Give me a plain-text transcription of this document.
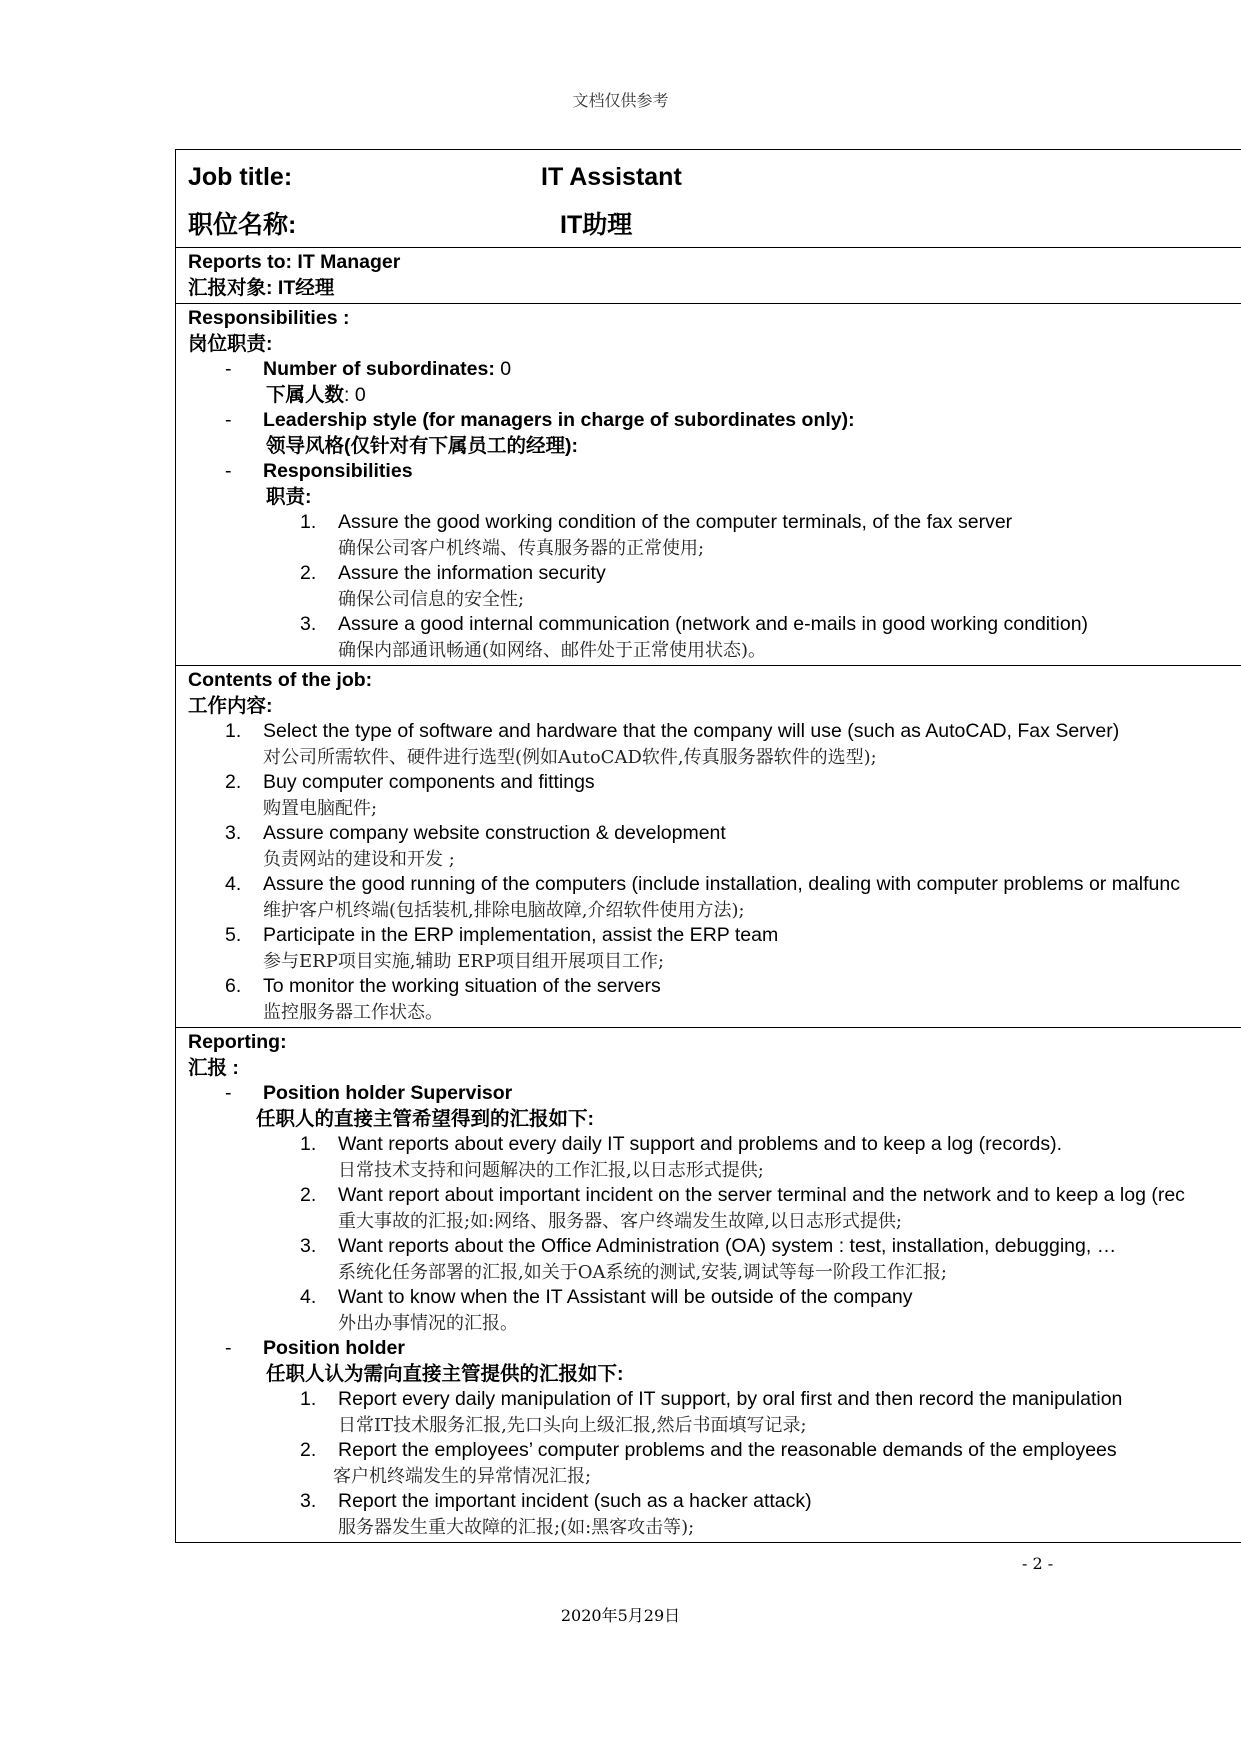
文档仅供参考
Job title:	IT Assistant
职位名称:	IT助理
Reports to: IT Manager
汇报对象: IT经理
Responsibilities :
岗位职责:
- Number of subordinates: 0
下属人数: 0
- Leadership style (for managers in charge of subordinates only):
领导风格(仅针对有下属员工的经理):
- Responsibilities
职责:
1. Assure the good working condition of the computer terminals, of the fax server
确保公司客户机终端、传真服务器的正常使用;
2. Assure the information security
确保公司信息的安全性;
3. Assure a good internal communication (network and e-mails in good working condition)
确保内部通讯畅通(如网络、邮件处于正常使用状态)。
Contents of the job:
工作内容:
1. Select the type of software and hardware that the company will use (such as AutoCAD, Fax Server)
对公司所需软件、硬件进行选型(例如AutoCAD软件,传真服务器软件的选型);
2. Buy computer components and fittings
购置电脑配件;
3. Assure company website construction & development
负责网站的建设和开发 ;
4. Assure the good running of the computers (include installation, dealing with computer problems or malfunc
维护客户机终端(包括装机,排除电脑故障,介绍软件使用方法);
5. Participate in the ERP implementation, assist the ERP team
参与ERP项目实施,辅助 ERP项目组开展项目工作;
6. To monitor the working situation of the servers
监控服务器工作状态。
Reporting:
汇报 :
- Position holder Supervisor
任职人的直接主管希望得到的汇报如下:
1. Want reports about every daily IT support and problems and to keep a log (records).
日常技术支持和问题解决的工作汇报,以日志形式提供;
2. Want report about important incident on the server terminal and the network and to keep a log (rec
重大事故的汇报;如:网络、服务器、客户终端发生故障,以日志形式提供;
3. Want reports about the Office Administration (OA) system : test, installation, debugging, …
系统化任务部署的汇报,如关于OA系统的测试,安装,调试等每一阶段工作汇报;
4. Want to know when the IT Assistant will be outside of the company
外出办事情况的汇报。
- Position holder
任职人认为需向直接主管提供的汇报如下:
1. Report every daily manipulation of IT support, by oral first and then record the manipulation
日常IT技术服务汇报,先口头向上级汇报,然后书面填写记录;
2. Report the employees’ computer problems and the reasonable demands of the employees
客户机终端发生的异常情况汇报;
3. Report the important incident (such as a hacker attack)
服务器发生重大故障的汇报;(如:黑客攻击等);
- 2 -
2020年5月29日
